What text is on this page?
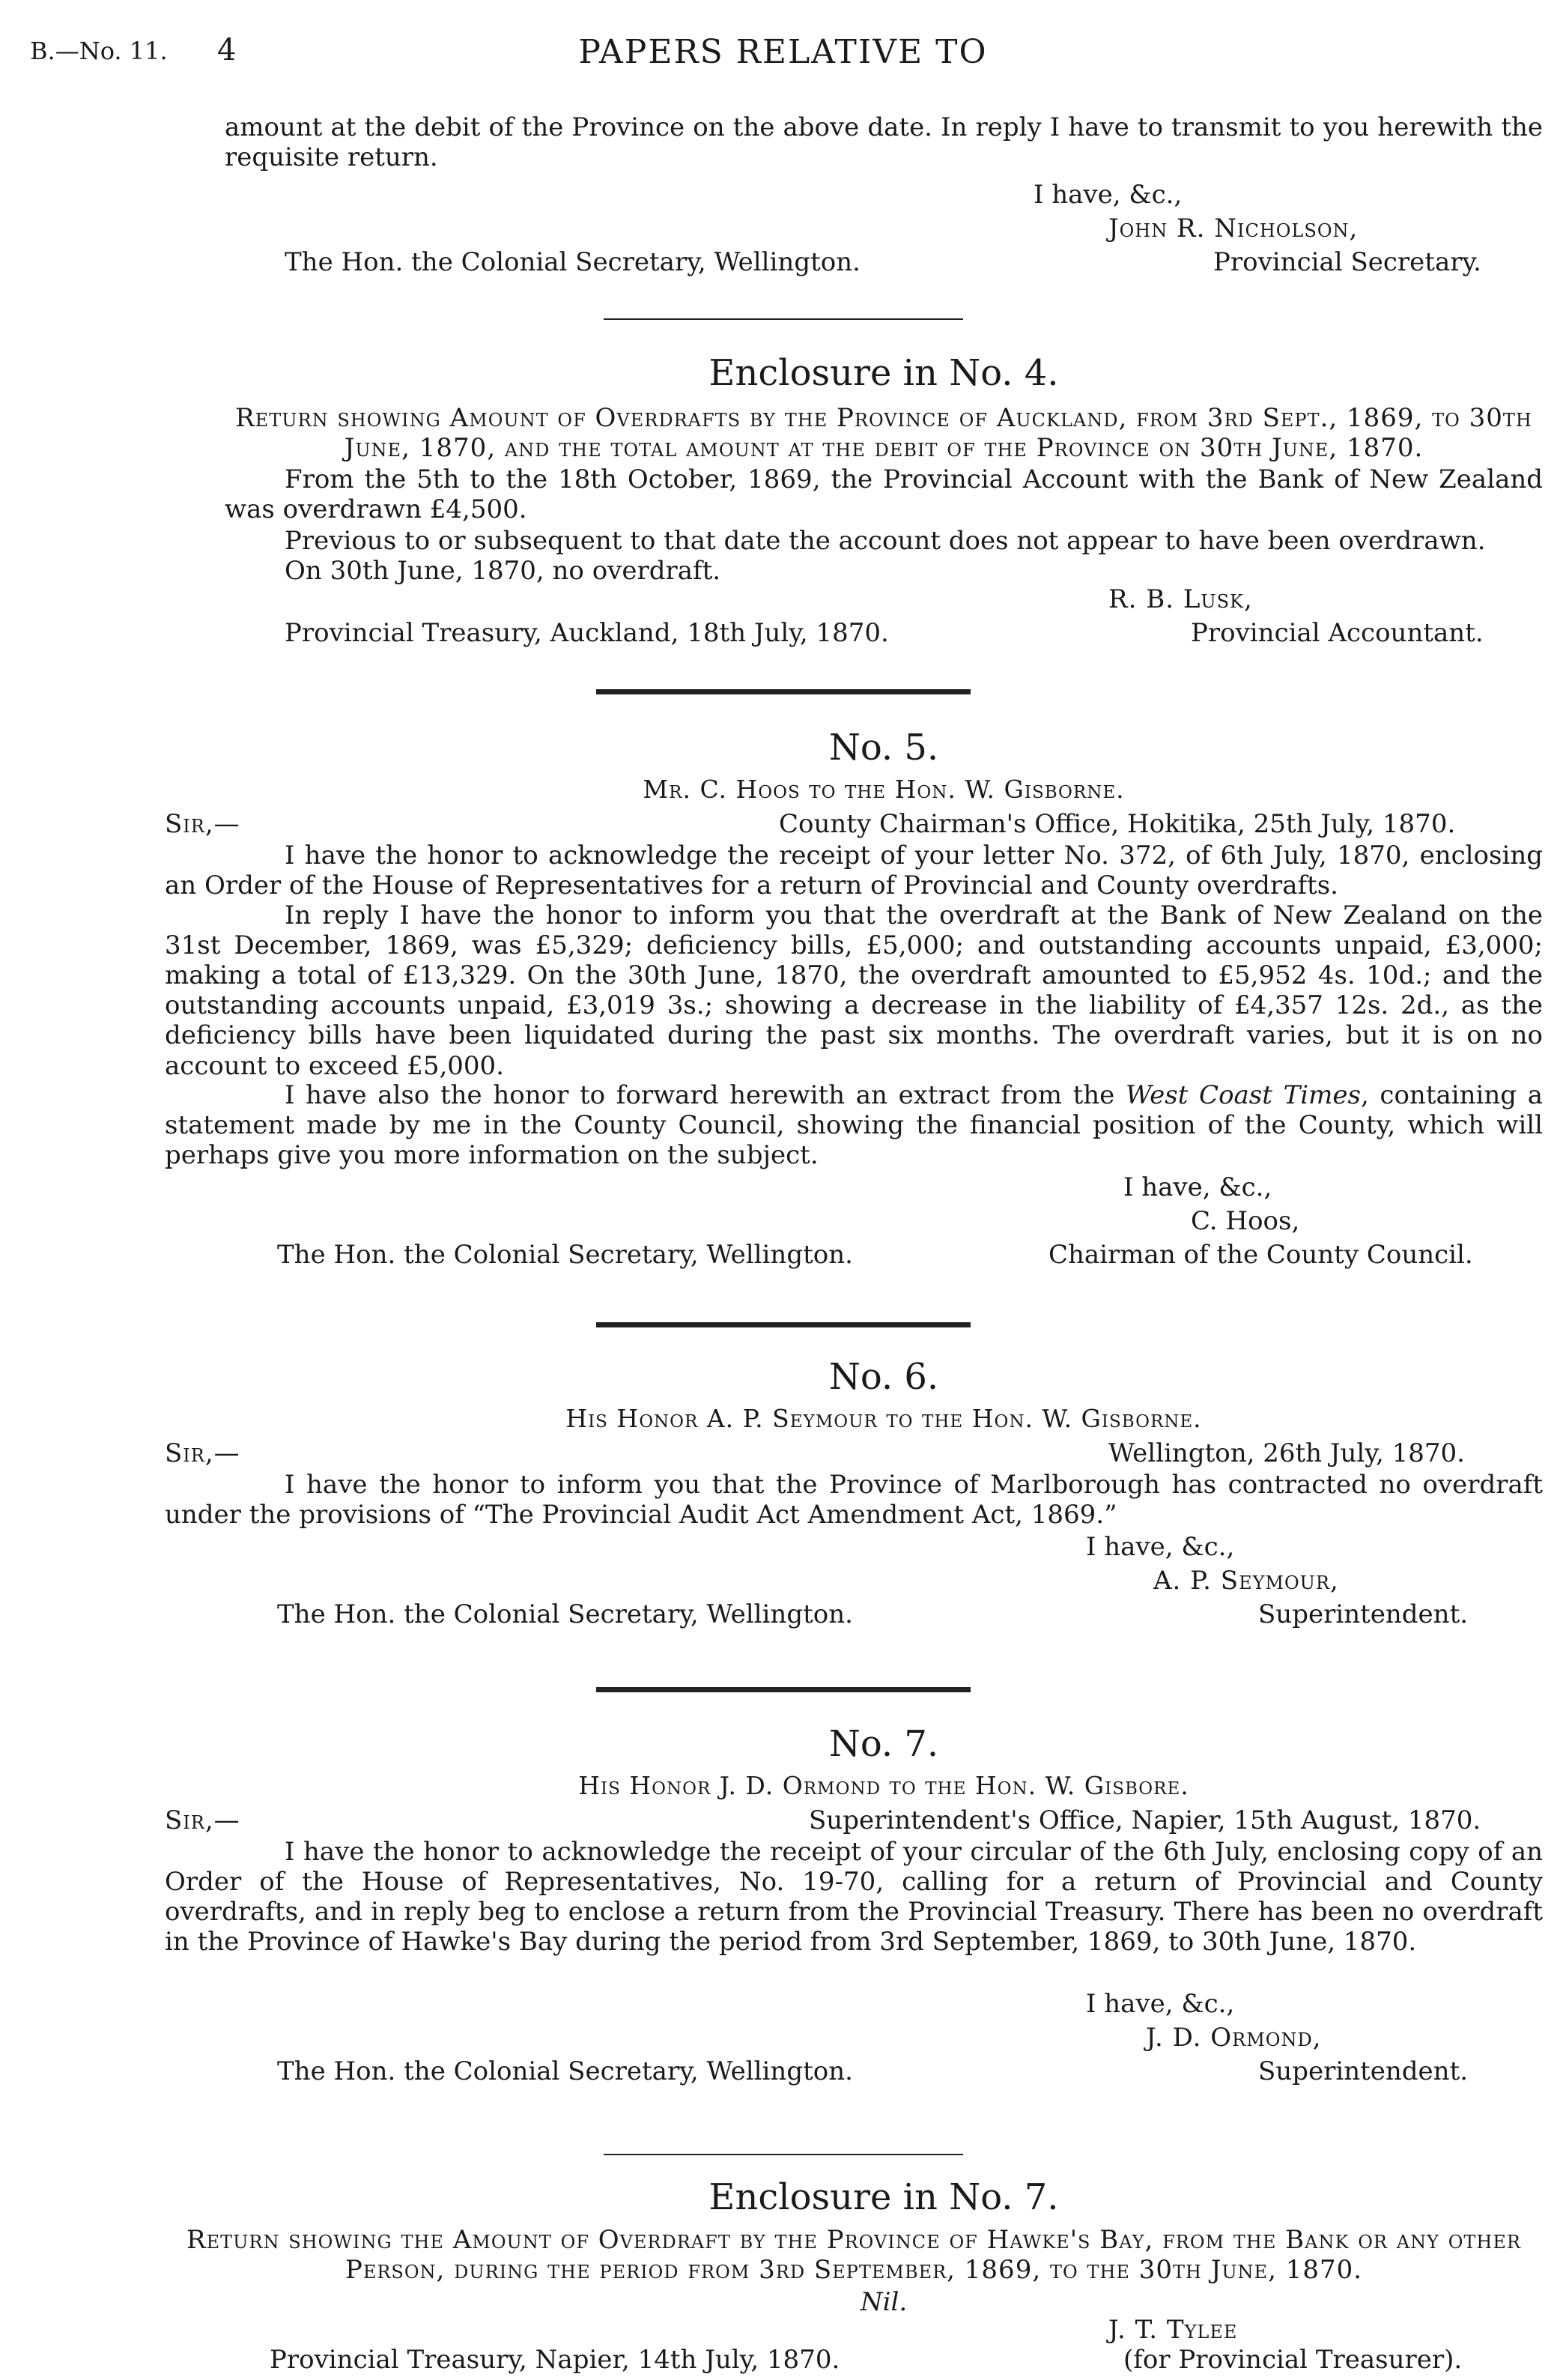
B.—No. 11. 4	PAPERS RELATIVE TO

amount at the debit of the Province on the above date. In reply I have to transmit to you herewith the requisite return.

I have, &c.,
John R. Nicholson,
Provincial Secretary.
The Hon. the Colonial Secretary, Wellington.
Enclosure in No. 4.

Return showing Amount of Overdrafts by the Province of Auckland, from 3rd Sept., 1869, to 30th June, 1870, and the total amount at the debit of the Province on 30th June, 1870.

From the 5th to the 18th October, 1869, the Provincial Account with the Bank of New Zealand was overdrawn £4,500.

Previous to or subsequent to that date the account does not appear to have been overdrawn.

On 30th June, 1870, no overdraft.

R. B. Lusk,
Provincial Accountant.
Provincial Treasury, Auckland, 18th July, 1870.
No. 5.
Mr. C. Hoos to the Hon. W. Gisborne.
Sir,—	County Chairman's Office, Hokitika, 25th July, 1870.

I have the honor to acknowledge the receipt of your letter No. 372, of 6th July, 1870, enclosing an Order of the House of Representatives for a return of Provincial and County overdrafts.

In reply I have the honor to inform you that the overdraft at the Bank of New Zealand on the 31st December, 1869, was £5,329; deficiency bills, £5,000; and outstanding accounts unpaid, £3,000; making a total of £13,329. On the 30th June, 1870, the overdraft amounted to £5,952 4s. 10d.; and the outstanding accounts unpaid, £3,019 3s.; showing a decrease in the liability of £4,357 12s. 2d., as the deficiency bills have been liquidated during the past six months. The overdraft varies, but it is on no account to exceed £5,000.

I have also the honor to forward herewith an extract from the West Coast Times, containing a statement made by me in the County Council, showing the financial position of the County, which will perhaps give you more information on the subject.

I have, &c.,
C. Hoos,
Chairman of the County Council.
The Hon. the Colonial Secretary, Wellington.
No. 6.
His Honor A. P. Seymour to the Hon. W. Gisborne.
Sir,—	Wellington, 26th July, 1870.

I have the honor to inform you that the Province of Marlborough has contracted no overdraft under the provisions of “The Provincial Audit Act Amendment Act, 1869.”

I have, &c.,
A. P. Seymour,
Superintendent.
The Hon. the Colonial Secretary, Wellington.
No. 7.
His Honor J. D. Ormond to the Hon. W. Gisbore.
Sir,—	Superintendent's Office, Napier, 15th August, 1870.

I have the honor to acknowledge the receipt of your circular of the 6th July, enclosing copy of an Order of the House of Representatives, No. 19-70, calling for a return of Provincial and County overdrafts, and in reply beg to enclose a return from the Provincial Treasury. There has been no overdraft in the Province of Hawke's Bay during the period from 3rd September, 1869, to 30th June, 1870.

I have, &c.,
J. D. Ormond,
Superintendent.
The Hon. the Colonial Secretary, Wellington.
Enclosure in No. 7.

Return showing the Amount of Overdraft by the Province of Hawke's Bay, from the Bank or any other Person, during the period from 3rd September, 1869, to the 30th June, 1870.

Nil.
J. T. Tylee
(for Provincial Treasurer).
Provincial Treasury, Napier, 14th July, 1870.
